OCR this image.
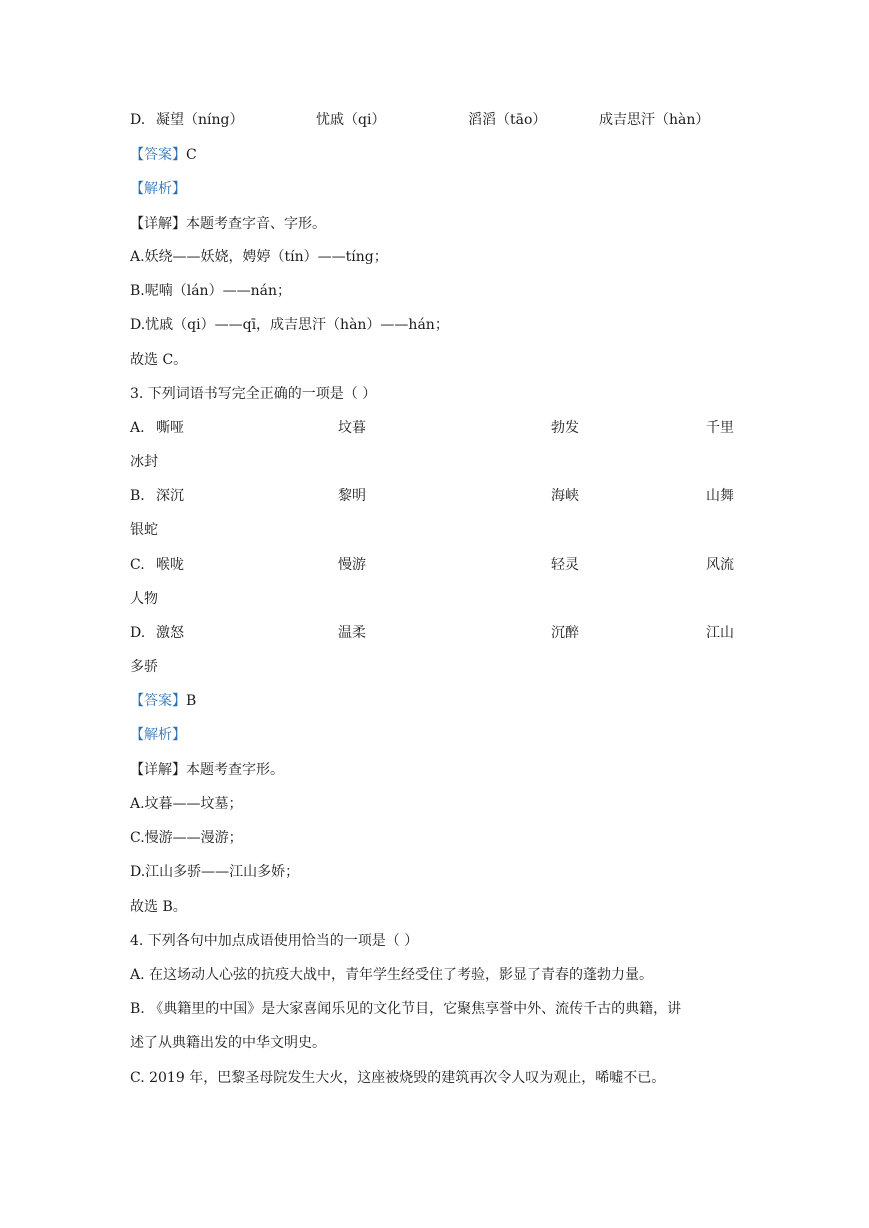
D. 凝望（níng）	忧戚（qi）	滔滔（tāo）	成吉思汗（hàn）
【答案】C
【解析】
【详解】本题考查字音、字形。
A.妖绕——妖娆，娉婷（tín）——tíng；
B.呢喃（lán）——nán；
D.忧戚（qi）——qī，成吉思汗（hàn）——hán；
故选 C。
3. 下列词语书写完全正确的一项是（ ）
A. 嘶哑	坟暮	勃发	千里
冰封
B. 深沉	黎明	海峡	山舞
银蛇
C. 喉咙	慢游	轻灵	风流
人物
D. 激怒	温柔	沉醉	江山
多骄
【答案】B
【解析】
【详解】本题考查字形。
A.坟暮——坟墓；
C.慢游——漫游；
D.江山多骄——江山多娇；
故选 B。
4. 下列各句中加点成语使用恰当的一项是（ ）
A. 在这场动人心弦的抗疫大战中，青年学生经受住了考验，影显了青春的蓬勃力量。
B. 《典籍里的中国》是大家喜闻乐见的文化节目，它聚焦享誉中外、流传千古的典籍，讲
述了从典籍出发的中华文明史。
C. 2019 年，巴黎圣母院发生大火，这座被烧毁的建筑再次令人叹为观止，唏嘘不已。
